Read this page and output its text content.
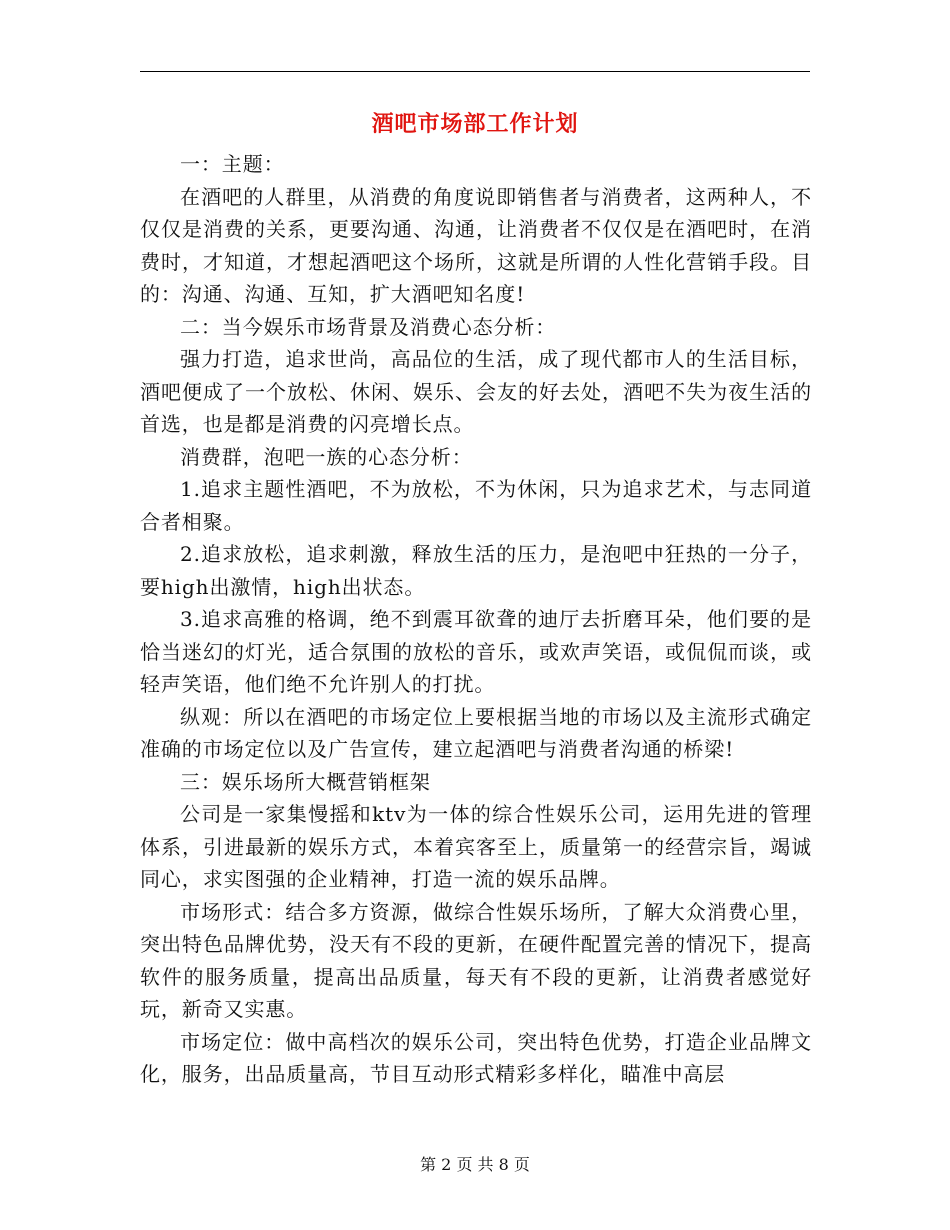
酒吧市场部工作计划

一：主题：

在酒吧的人群里，从消费的角度说即销售者与消费者，这两种人，不仅仅是消费的关系，更要沟通、沟通，让消费者不仅仅是在酒吧时，在消费时，才知道，才想起酒吧这个场所，这就是所谓的人性化营销手段。目的：沟通、沟通、互知，扩大酒吧知名度!

二：当今娱乐市场背景及消费心态分析：

强力打造，追求世尚，高品位的生活，成了现代都市人的生活目标，酒吧便成了一个放松、休闲、娱乐、会友的好去处，酒吧不失为夜生活的首选，也是都是消费的闪亮增长点。

消费群，泡吧一族的心态分析：

1.追求主题性酒吧，不为放松，不为休闲，只为追求艺术，与志同道合者相聚。

2.追求放松，追求刺激，释放生活的压力，是泡吧中狂热的一分子，要high出激情，high出状态。

3.追求高雅的格调，绝不到震耳欲聋的迪厅去折磨耳朵，他们要的是恰当迷幻的灯光，适合氛围的放松的音乐，或欢声笑语，或侃侃而谈，或轻声笑语，他们绝不允许别人的打扰。

纵观：所以在酒吧的市场定位上要根据当地的市场以及主流形式确定准确的市场定位以及广告宣传，建立起酒吧与消费者沟通的桥梁!

三：娱乐场所大概营销框架

公司是一家集慢摇和ktv为一体的综合性娱乐公司，运用先进的管理体系，引进最新的娱乐方式，本着宾客至上，质量第一的经营宗旨，竭诚同心，求实图强的企业精神，打造一流的娱乐品牌。

市场形式：结合多方资源，做综合性娱乐场所，了解大众消费心里，突出特色品牌优势，没天有不段的更新，在硬件配置完善的情况下，提高软件的服务质量，提高出品质量，每天有不段的更新，让消费者感觉好玩，新奇又实惠。

市场定位：做中高档次的娱乐公司，突出特色优势，打造企业品牌文化，服务，出品质量高，节目互动形式精彩多样化，瞄准中高层

第 2 页 共 8 页
